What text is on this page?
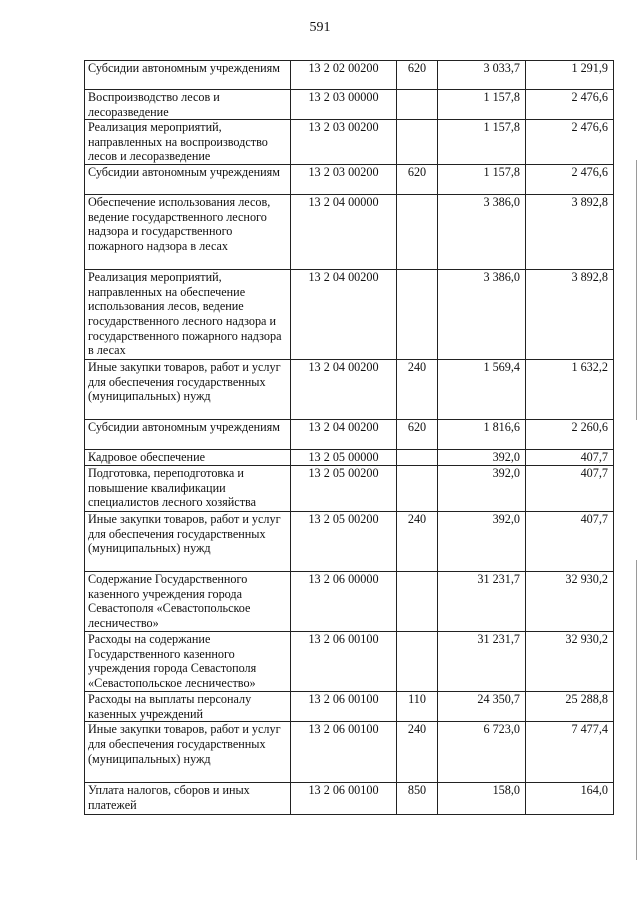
591
Субсидии автономным учреждениям	13 2 02 00200	620	3 033,7	1 291,9
Воспроизводство лесов и лесоразведение	13 2 03 00000		1 157,8	2 476,6
Реализация мероприятий, направленных на воспроизводство лесов и лесоразведение	13 2 03 00200		1 157,8	2 476,6
Субсидии автономным учреждениям	13 2 03 00200	620	1 157,8	2 476,6
Обеспечение использования лесов, ведение государственного лесного надзора и государственного пожарного надзора в лесах	13 2 04 00000		3 386,0	3 892,8
Реализация мероприятий, направленных на обеспечение использования лесов, ведение государственного лесного надзора и государственного пожарного надзора в лесах	13 2 04 00200		3 386,0	3 892,8
Иные закупки товаров, работ и услуг для обеспечения государственных (муниципальных) нужд	13 2 04 00200	240	1 569,4	1 632,2
Субсидии автономным учреждениям	13 2 04 00200	620	1 816,6	2 260,6
Кадровое обеспечение	13 2 05 00000		392,0	407,7
Подготовка, переподготовка и повышение квалификации специалистов лесного хозяйства	13 2 05 00200		392,0	407,7
Иные закупки товаров, работ и услуг для обеспечения государственных (муниципальных) нужд	13 2 05 00200	240	392,0	407,7
Содержание Государственного казенного учреждения города Севастополя «Севастопольское лесничество»	13 2 06 00000		31 231,7	32 930,2
Расходы на содержание Государственного казенного учреждения города Севастополя «Севастопольское лесничество»	13 2 06 00100		31 231,7	32 930,2
Расходы на выплаты персоналу казенных учреждений	13 2 06 00100	110	24 350,7	25 288,8
Иные закупки товаров, работ и услуг для обеспечения государственных (муниципальных) нужд	13 2 06 00100	240	6 723,0	7 477,4
Уплата налогов, сборов и иных платежей	13 2 06 00100	850	158,0	164,0
